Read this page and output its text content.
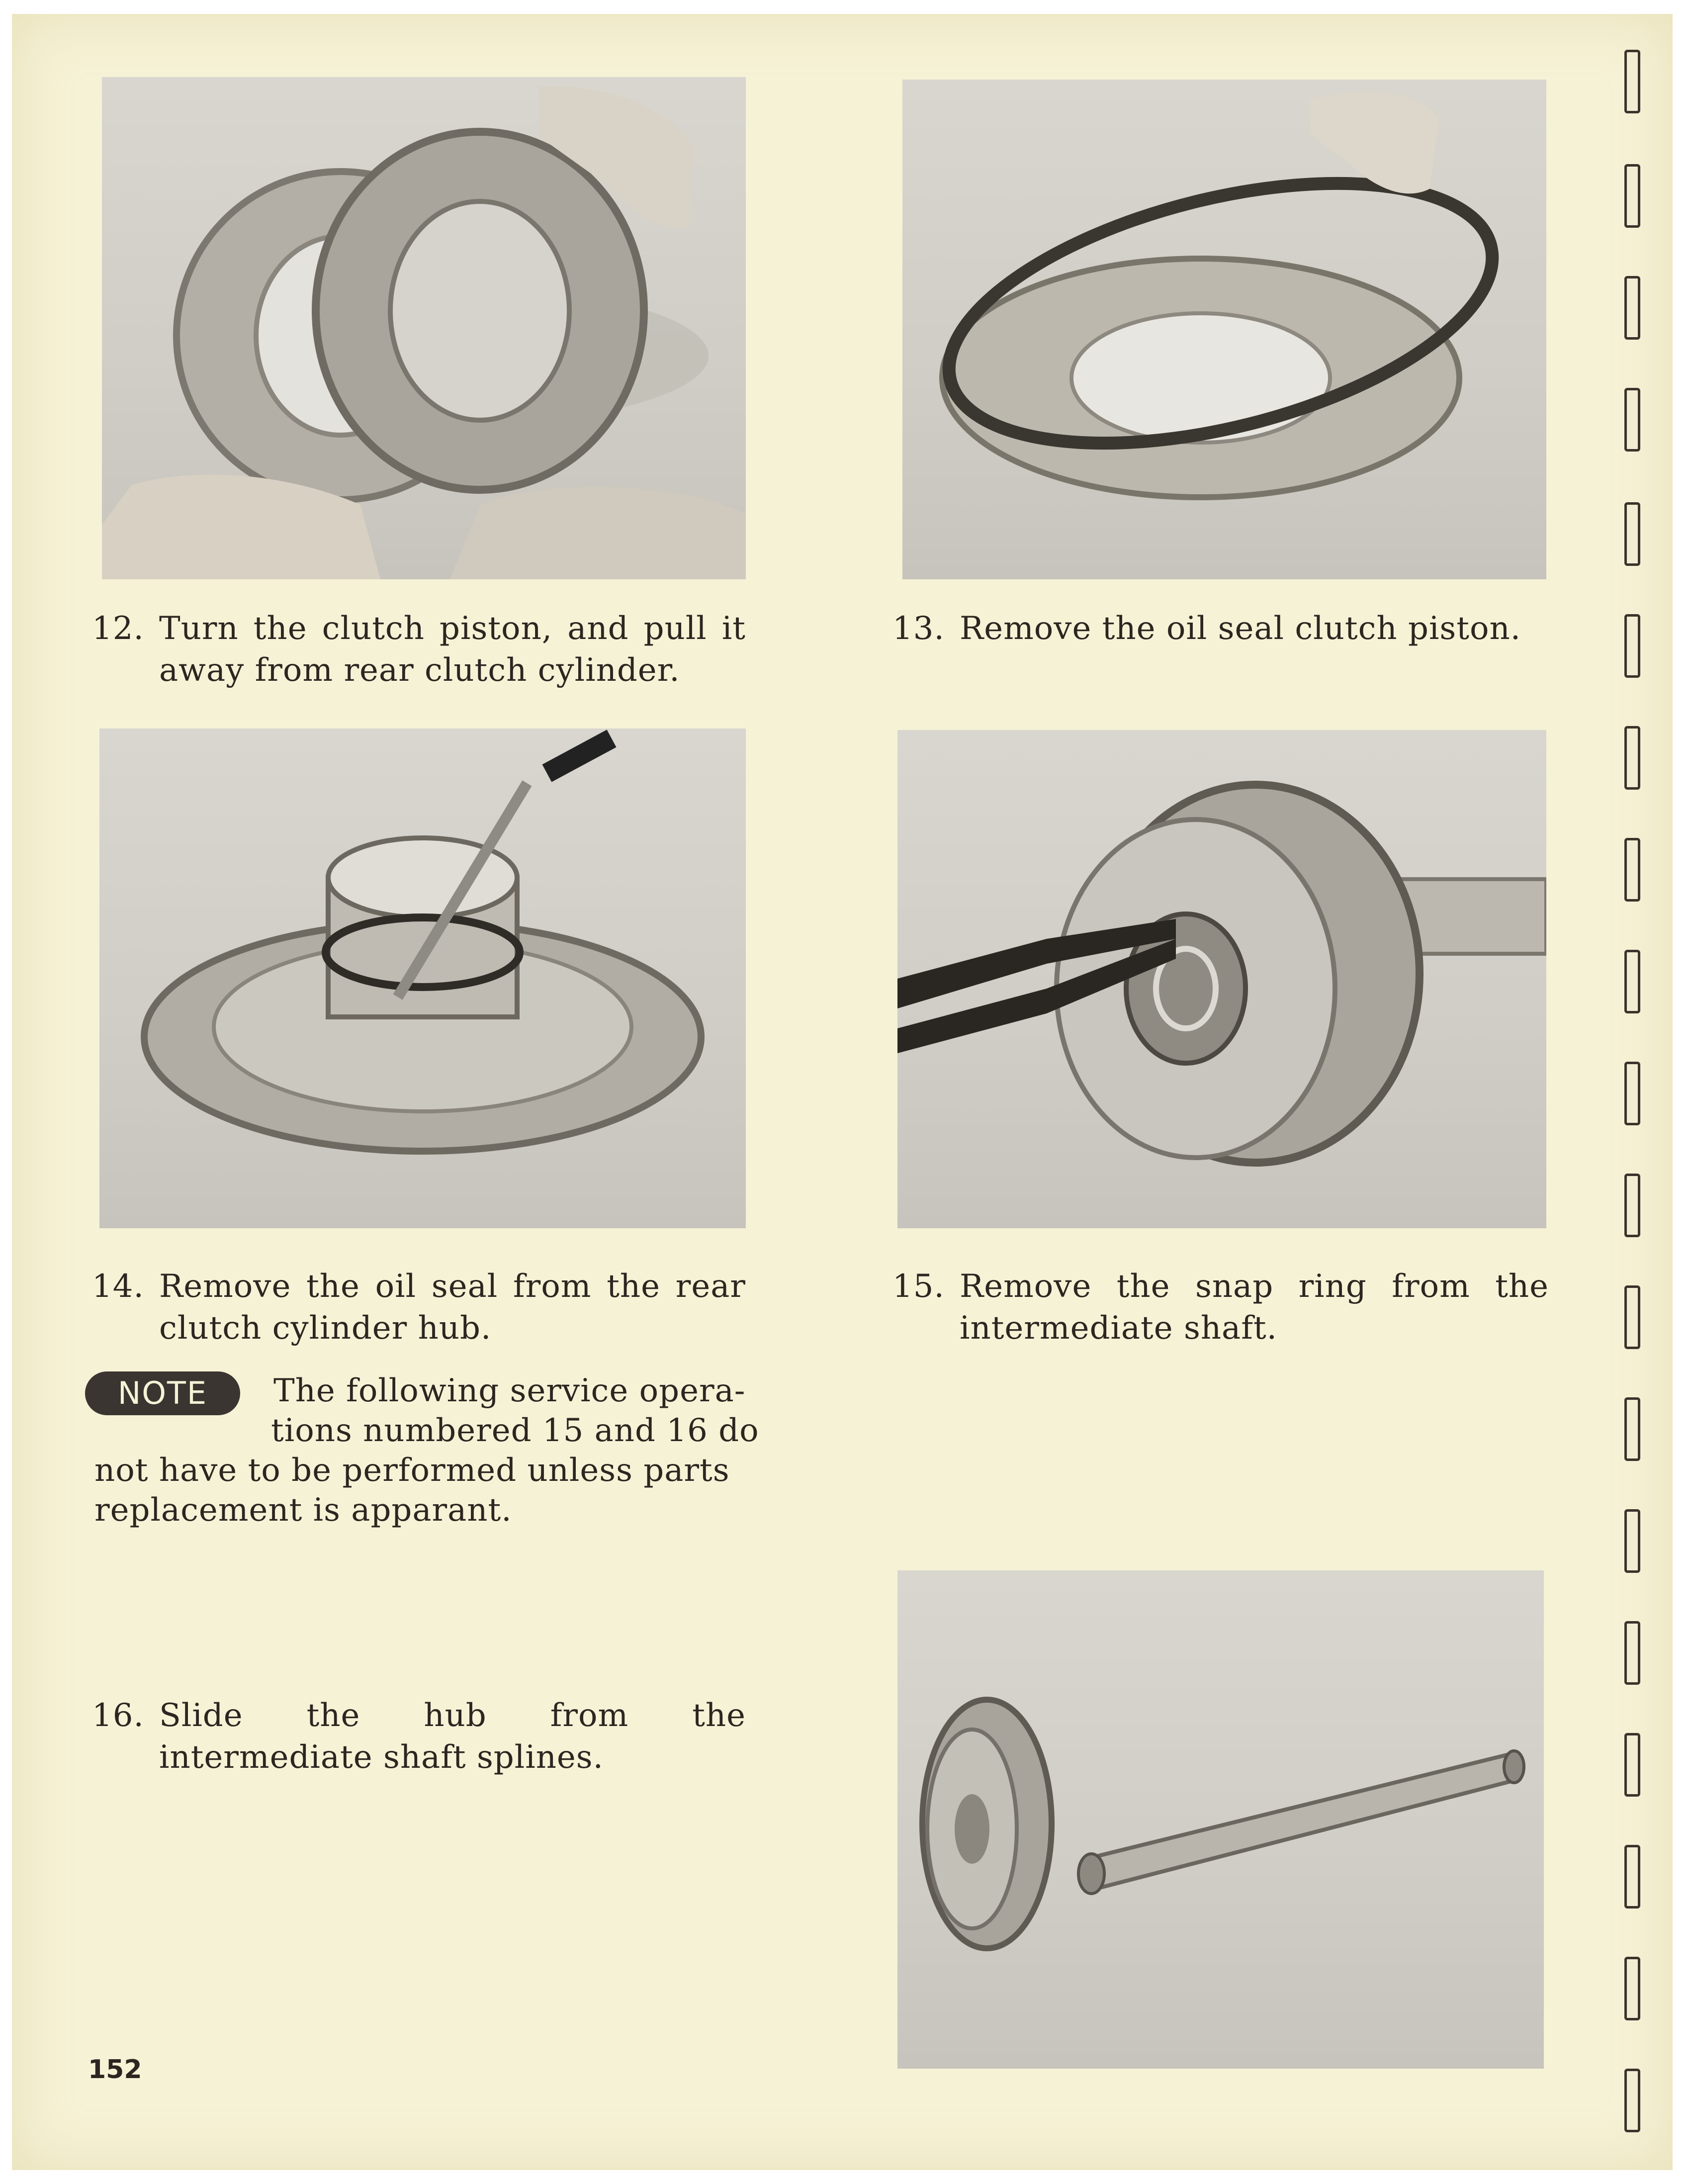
12. Turn the clutch piston, and pull it away from rear clutch cylinder.
13. Remove the oil seal clutch piston.
14. Remove the oil seal from the rear clutch cylinder hub.
15. Remove the snap ring from the intermediate shaft.
16. Slide the hub from the intermediate shaft splines.
NOTE	The following service opera-
tions numbered 15 and 16 do
not have to be performed unless parts
replacement is apparant.
152
